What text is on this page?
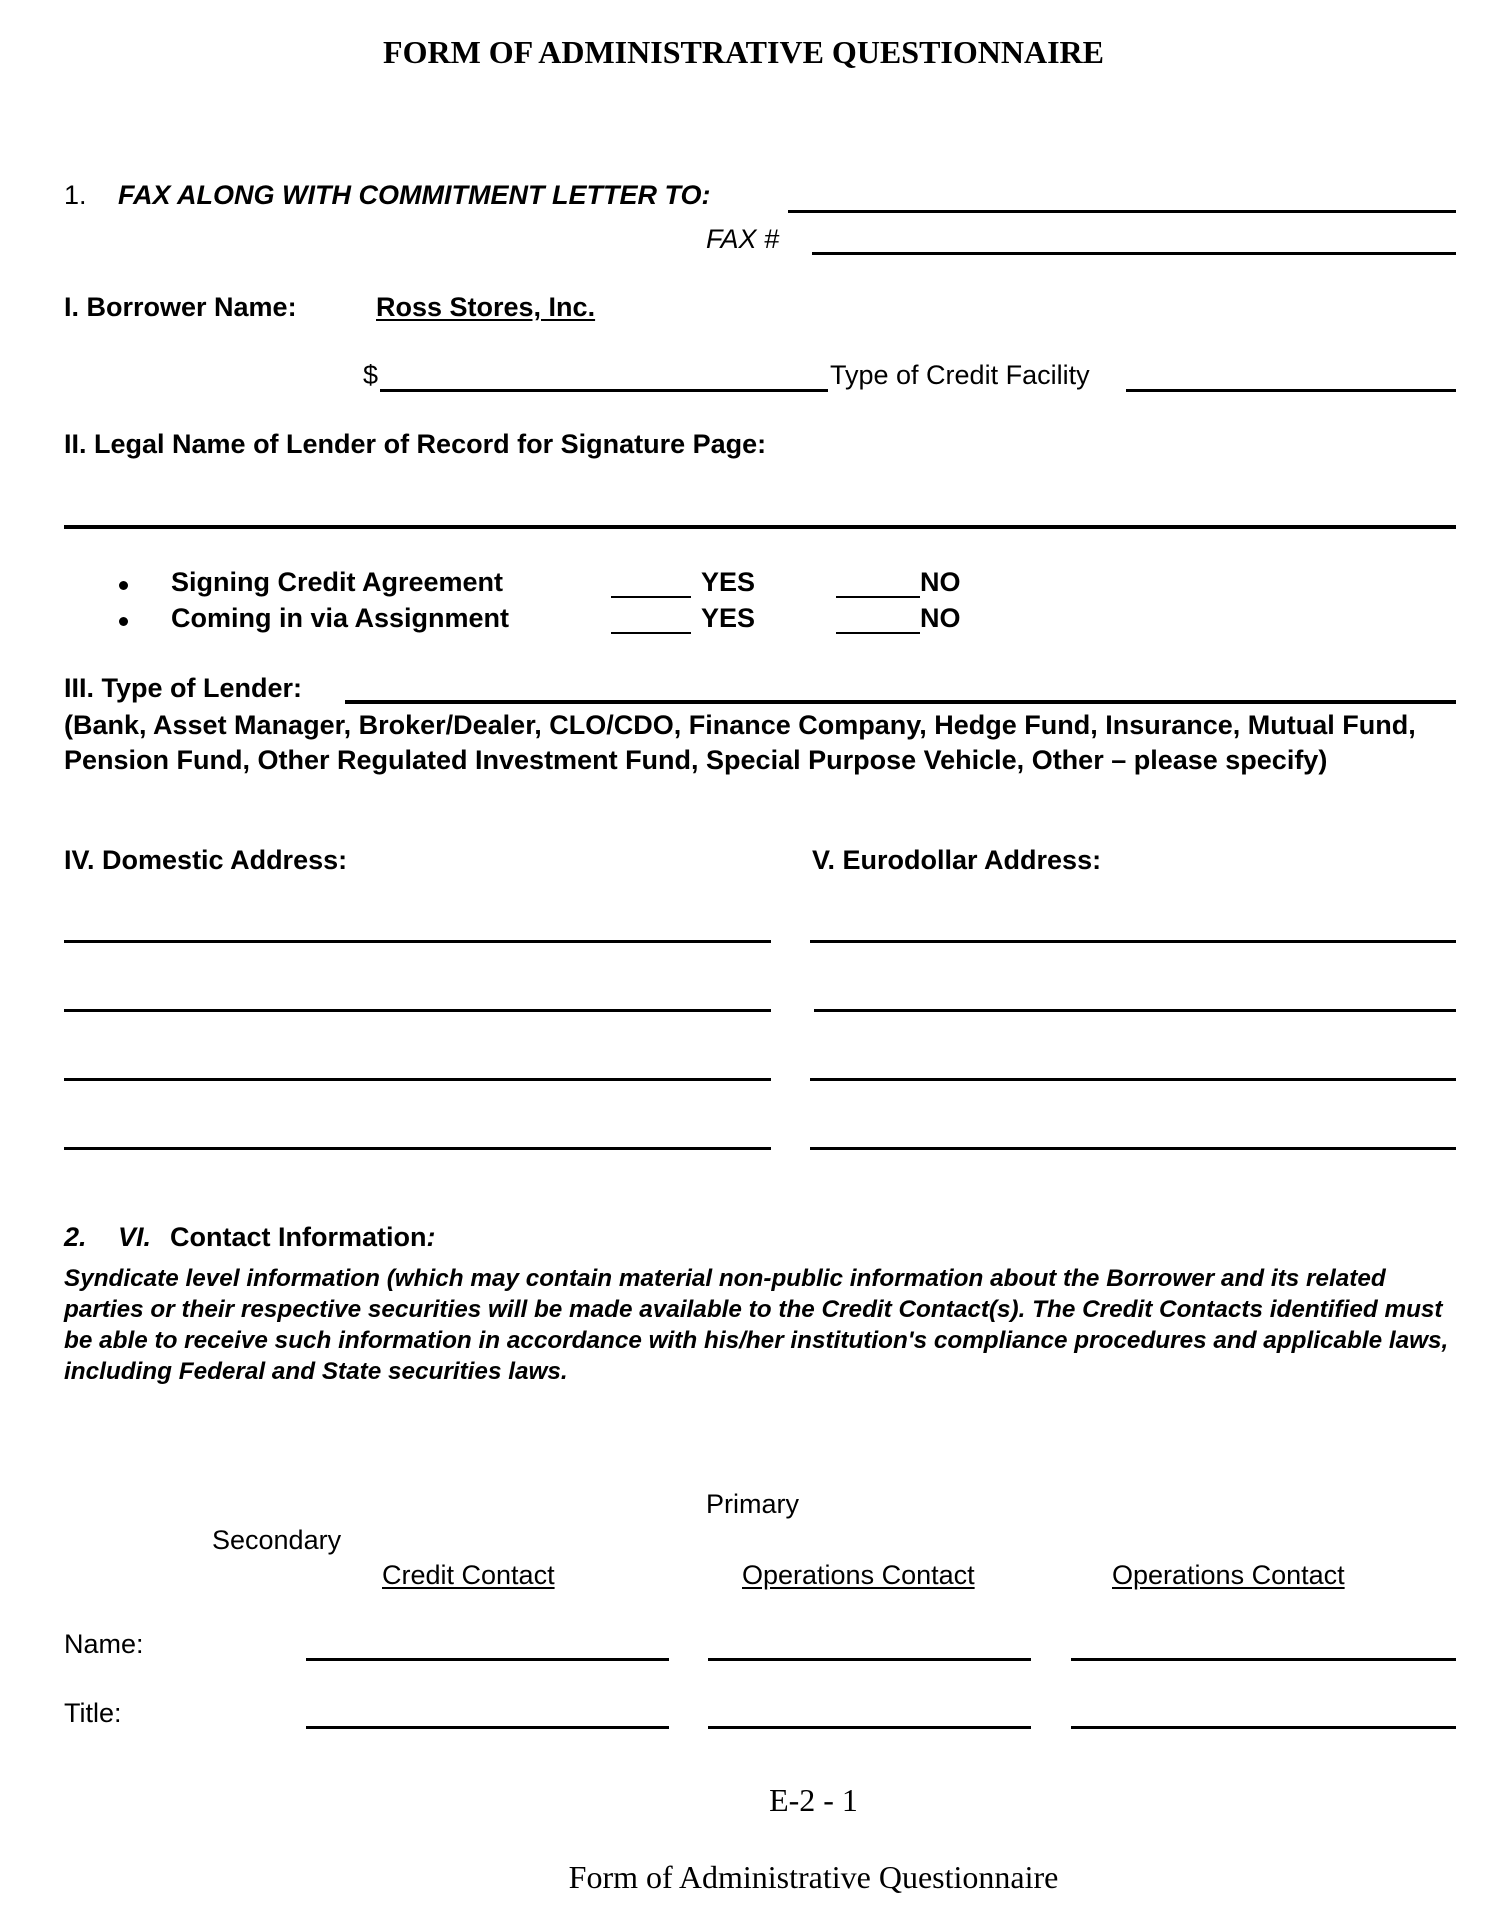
FORM OF ADMINISTRATIVE QUESTIONNAIRE
1. FAX ALONG WITH COMMITMENT LETTER TO:
FAX #
I. Borrower Name:	Ross Stores, Inc.
$	Type of Credit Facility
II. Legal Name of Lender of Record for Signature Page:
Signing Credit Agreement	YES	NO
Coming in via Assignment	YES	NO
III. Type of Lender:
(Bank, Asset Manager, Broker/Dealer, CLO/CDO, Finance Company, Hedge Fund, Insurance, Mutual Fund, Pension Fund, Other Regulated Investment Fund, Special Purpose Vehicle, Other – please specify)
IV. Domestic Address:	V. Eurodollar Address:
2. VI. Contact Information:
Syndicate level information (which may contain material non-public information about the Borrower and its related parties or their respective securities will be made available to the Credit Contact(s). The Credit Contacts identified must be able to receive such information in accordance with his/her institution's compliance procedures and applicable laws, including Federal and State securities laws.
Primary
Secondary
Credit Contact	Operations Contact	Operations Contact
Name:
Title:
E-2 - 1
Form of Administrative Questionnaire
